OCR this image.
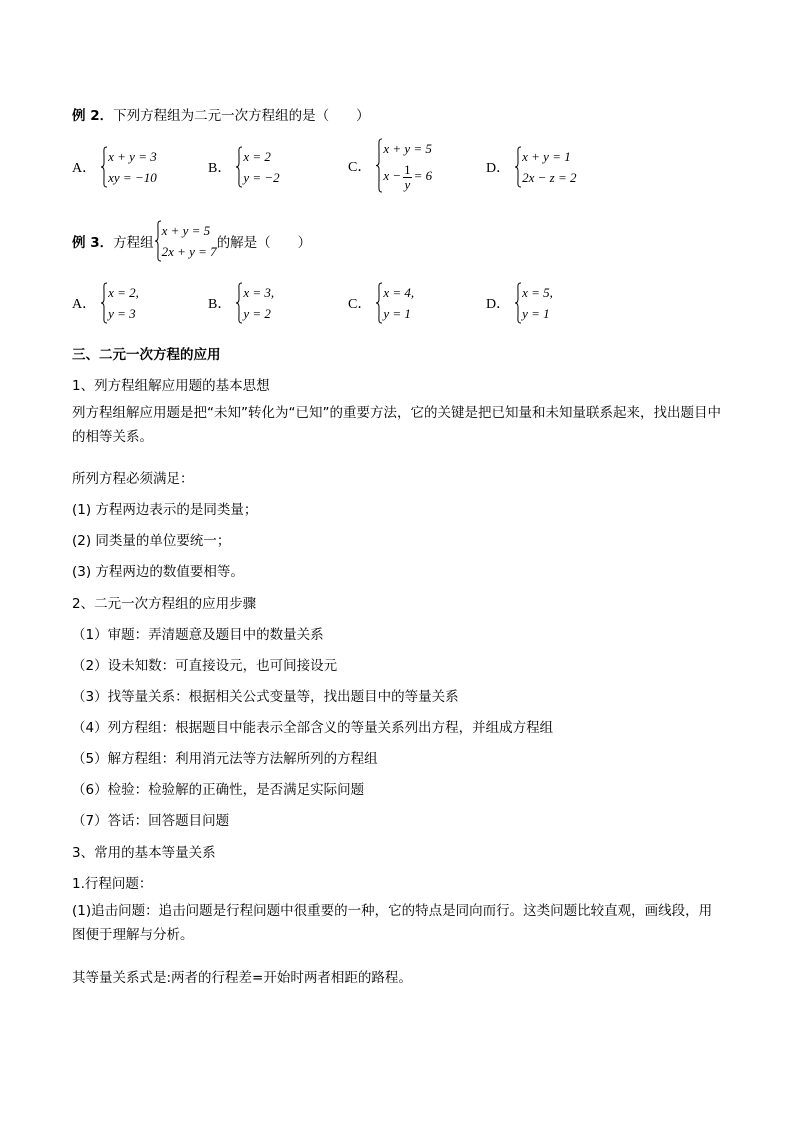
例 2．下列方程组为二元一次方程组的是（　　）
A．
x + y = 3
xy = −10
B．
x = 2
y = −2
C．
x + y = 5
$x - \frac{1}{y} = 6$	D．
x + y = 1
2x − z = 2
例 3． 方程组
x + y = 5
2x + y = 7
的解是（　　）
A．
x = 2,
y = 3
B．
x = 3,
y = 2
C．
x = 4,
y = 1
D．
x = 5,
y = 1
三、二元一次方程的应用
1、列方程组解应用题的基本思想
列方程组解应用题是把“未知”转化为“已知”的重要方法，它的关键是把已知量和未知量联系起来，找出题目中的相等关系。
所列方程必须满足：
(1) 方程两边表示的是同类量；
(2) 同类量的单位要统一；
(3) 方程两边的数值要相等。
2、二元一次方程组的应用步骤
（1）审题：弄清题意及题目中的数量关系
（2）设未知数：可直接设元，也可间接设元
（3）找等量关系：根据相关公式变量等，找出题目中的等量关系
（4）列方程组：根据题目中能表示全部含义的等量关系列出方程，并组成方程组
（5）解方程组：利用消元法等方法解所列的方程组
（6）检验：检验解的正确性，是否满足实际问题
（7）答话：回答题目问题
3、常用的基本等量关系
1.行程问题：
(1)追击问题：追击问题是行程问题中很重要的一种，它的特点是同向而行。这类问题比较直观，画线段，用图便于理解与分析。
其等量关系式是:两者的行程差=开始时两者相距的路程。
